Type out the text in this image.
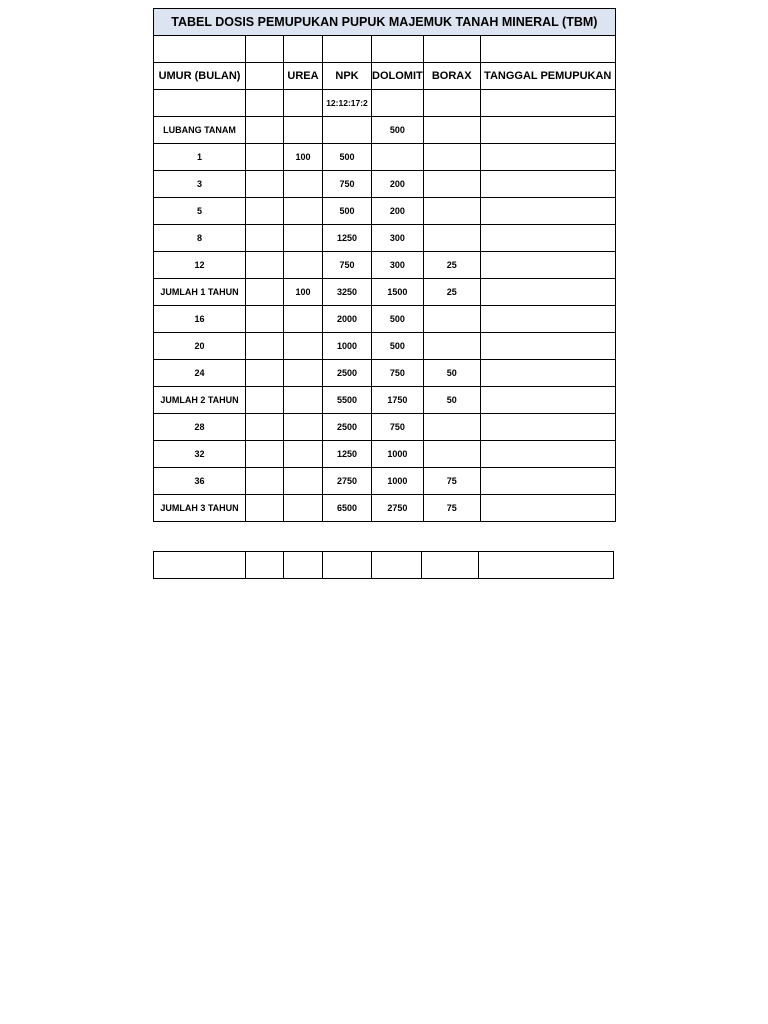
TABEL DOSIS PEMUPUKAN PUPUK MAJEMUK TANAH MINERAL (TBM)						

UMUR (BULAN)		UREA	NPK	DOLOMIT	BORAX	TANGGAL PEMUPUKAN
			12:12:17:2			
LUBANG TANAM				500		
1		100	500			
3			750	200		
5			500	200		
8			1250	300		
12			750	300	25	
JUMLAH 1 TAHUN		100	3250	1500	25	
16			2000	500		
20			1000	500		
24			2500	750	50	
JUMLAH 2 TAHUN			5500	1750	50	
28			2500	750		
32			1250	1000		
36			2750	1000	75	
JUMLAH 3 TAHUN			6500	2750	75	
